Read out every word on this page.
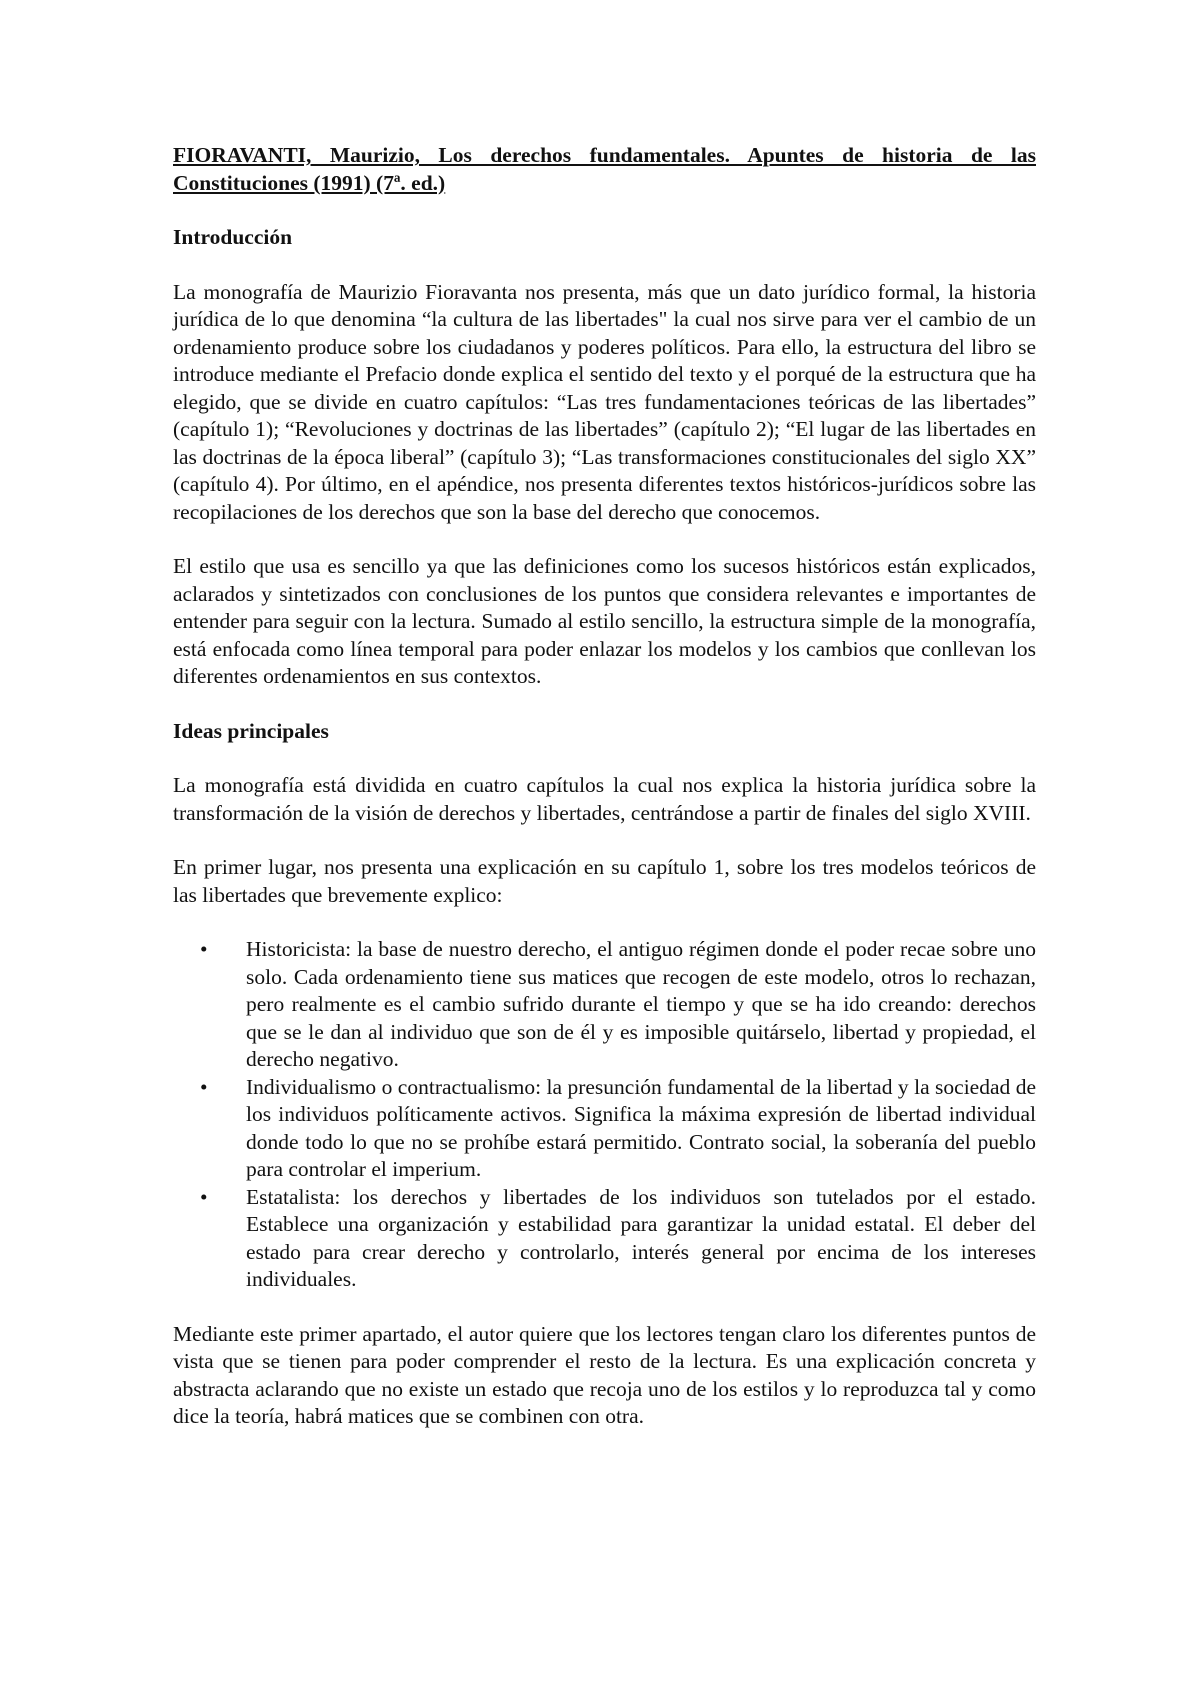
FIORAVANTI, Maurizio, Los derechos fundamentales. Apuntes de historia de las Constituciones (1991) (7ª. ed.)

Introducción

La monografía de Maurizio Fioravanta nos presenta, más que un dato jurídico formal, la historia jurídica de lo que denomina “la cultura de las libertades" la cual nos sirve para ver el cambio de un ordenamiento produce sobre los ciudadanos y poderes políticos. Para ello, la estructura del libro se introduce mediante el Prefacio donde explica el sentido del texto y el porqué de la estructura que ha elegido, que se divide en cuatro capítulos: “Las tres fundamentaciones teóricas de las libertades” (capítulo 1); “Revoluciones y doctrinas de las libertades” (capítulo 2); “El lugar de las libertades en las doctrinas de la época liberal” (capítulo 3); “Las transformaciones constitucionales del siglo XX” (capítulo 4). Por último, en el apéndice, nos presenta diferentes textos históricos-jurídicos sobre las recopilaciones de los derechos que son la base del derecho que conocemos.

El estilo que usa es sencillo ya que las definiciones como los sucesos históricos están explicados, aclarados y sintetizados con conclusiones de los puntos que considera relevantes e importantes de entender para seguir con la lectura. Sumado al estilo sencillo, la estructura simple de la monografía, está enfocada como línea temporal para poder enlazar los modelos y los cambios que conllevan los diferentes ordenamientos en sus contextos.

Ideas principales

La monografía está dividida en cuatro capítulos la cual nos explica la historia jurídica sobre la transformación de la visión de derechos y libertades, centrándose a partir de finales del siglo XVIII.

En primer lugar, nos presenta una explicación en su capítulo 1, sobre los tres modelos teóricos de las libertades que brevemente explico:

• Historicista: la base de nuestro derecho, el antiguo régimen donde el poder recae sobre uno solo. Cada ordenamiento tiene sus matices que recogen de este modelo, otros lo rechazan, pero realmente es el cambio sufrido durante el tiempo y que se ha ido creando: derechos que se le dan al individuo que son de él y es imposible quitárselo, libertad y propiedad, el derecho negativo.
• Individualismo o contractualismo: la presunción fundamental de la libertad y la sociedad de los individuos políticamente activos. Significa la máxima expresión de libertad individual donde todo lo que no se prohíbe estará permitido. Contrato social, la soberanía del pueblo para controlar el imperium.
• Estatalista: los derechos y libertades de los individuos son tutelados por el estado. Establece una organización y estabilidad para garantizar la unidad estatal. El deber del estado para crear derecho y controlarlo, interés general por encima de los intereses individuales.

Mediante este primer apartado, el autor quiere que los lectores tengan claro los diferentes puntos de vista que se tienen para poder comprender el resto de la lectura. Es una explicación concreta y abstracta aclarando que no existe un estado que recoja uno de los estilos y lo reproduzca tal y como dice la teoría, habrá matices que se combinen con otra.
